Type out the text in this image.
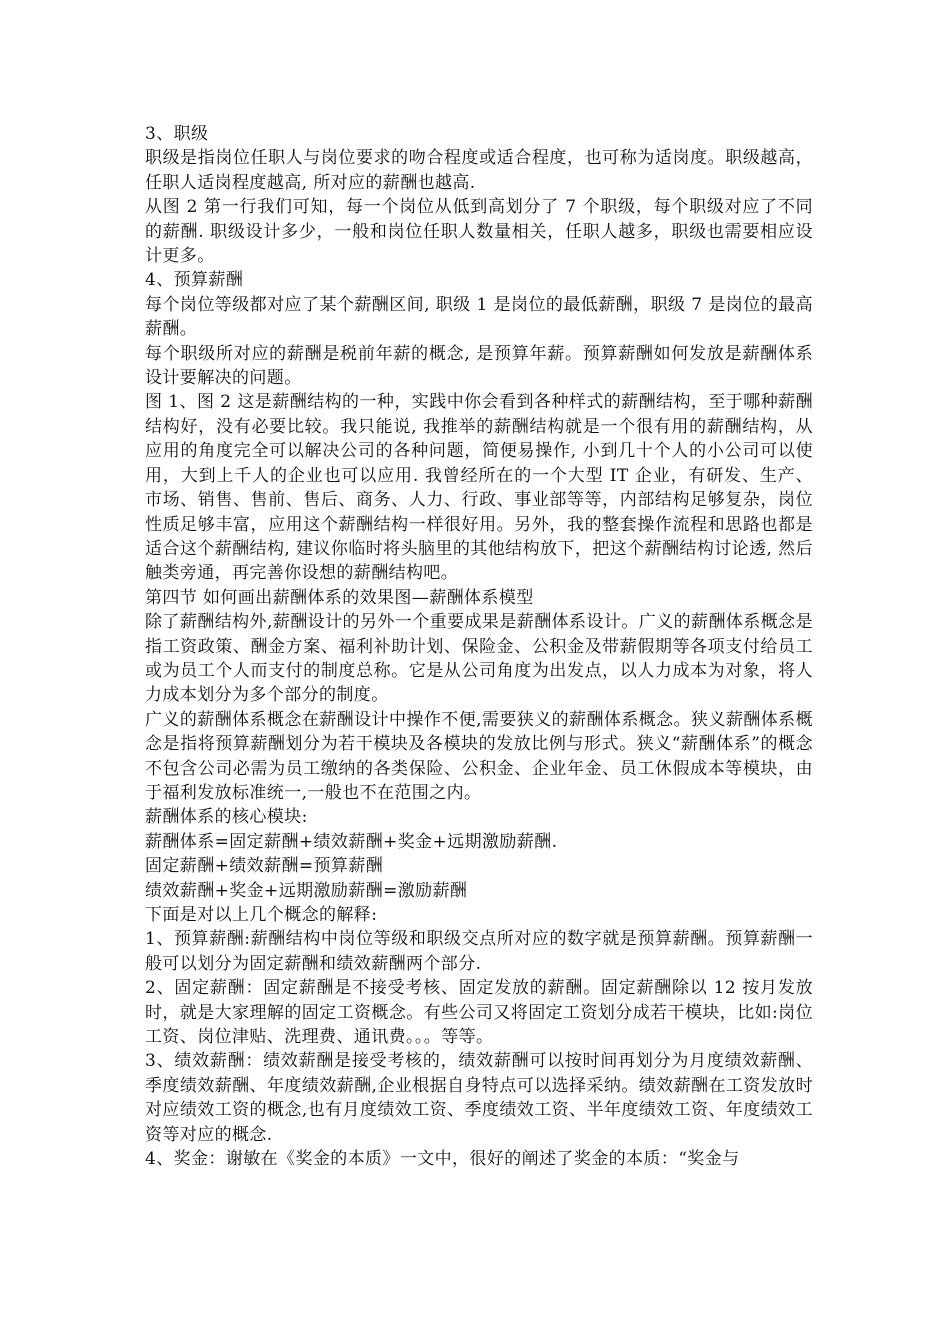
3、职级

职级是指岗位任职人与岗位要求的吻合程度或适合程度，也可称为适岗度。职级越高，任职人适岗程度越高, 所对应的薪酬也越高.

从图 2 第一行我们可知，每一个岗位从低到高划分了 7 个职级，每个职级对应了不同的薪酬. 职级设计多少，一般和岗位任职人数量相关，任职人越多，职级也需要相应设计更多。

4、预算薪酬

每个岗位等级都对应了某个薪酬区间, 职级 1 是岗位的最低薪酬，职级 7 是岗位的最高薪酬。

每个职级所对应的薪酬是税前年薪的概念, 是预算年薪。预算薪酬如何发放是薪酬体系设计要解决的问题。

图 1、图 2 这是薪酬结构的一种，实践中你会看到各种样式的薪酬结构，至于哪种薪酬结构好，没有必要比较。我只能说, 我推举的薪酬结构就是一个很有用的薪酬结构，从应用的角度完全可以解决公司的各种问题，简便易操作, 小到几十个人的小公司可以使用，大到上千人的企业也可以应用. 我曾经所在的一个大型 IT 企业，有研发、生产、市场、销售、售前、售后、商务、人力、行政、事业部等等，内部结构足够复杂，岗位性质足够丰富，应用这个薪酬结构一样很好用。另外，我的整套操作流程和思路也都是适合这个薪酬结构, 建议你临时将头脑里的其他结构放下，把这个薪酬结构讨论透, 然后触类旁通，再完善你设想的薪酬结构吧。

第四节 如何画出薪酬体系的效果图—薪酬体系模型

除了薪酬结构外,薪酬设计的另外一个重要成果是薪酬体系设计。广义的薪酬体系概念是指工资政策、酬金方案、福利补助计划、保险金、公积金及带薪假期等各项支付给员工或为员工个人而支付的制度总称。它是从公司角度为出发点，以人力成本为对象，将人力成本划分为多个部分的制度。

广义的薪酬体系概念在薪酬设计中操作不便,需要狭义的薪酬体系概念。狭义薪酬体系概念是指将预算薪酬划分为若干模块及各模块的发放比例与形式。狭义“薪酬体系”的概念不包含公司必需为员工缴纳的各类保险、公积金、企业年金、员工休假成本等模块，由于福利发放标准统一,一般也不在范围之内。

薪酬体系的核心模块:

薪酬体系=固定薪酬+绩效薪酬+奖金+远期激励薪酬.

固定薪酬+绩效薪酬=预算薪酬

绩效薪酬+奖金+远期激励薪酬=激励薪酬

下面是对以上几个概念的解释:

1、预算薪酬:薪酬结构中岗位等级和职级交点所对应的数字就是预算薪酬。预算薪酬一般可以划分为固定薪酬和绩效薪酬两个部分.

2、固定薪酬：固定薪酬是不接受考核、固定发放的薪酬。固定薪酬除以 12 按月发放时，就是大家理解的固定工资概念。有些公司又将固定工资划分成若干模块，比如:岗位工资、岗位津贴、洗理费、通讯费。。。等等。

3、绩效薪酬：绩效薪酬是接受考核的，绩效薪酬可以按时间再划分为月度绩效薪酬、季度绩效薪酬、年度绩效薪酬,企业根据自身特点可以选择采纳。绩效薪酬在工资发放时对应绩效工资的概念,也有月度绩效工资、季度绩效工资、半年度绩效工资、年度绩效工资等对应的概念.

4、奖金：谢敏在《奖金的本质》一文中，很好的阐述了奖金的本质：“奖金与
